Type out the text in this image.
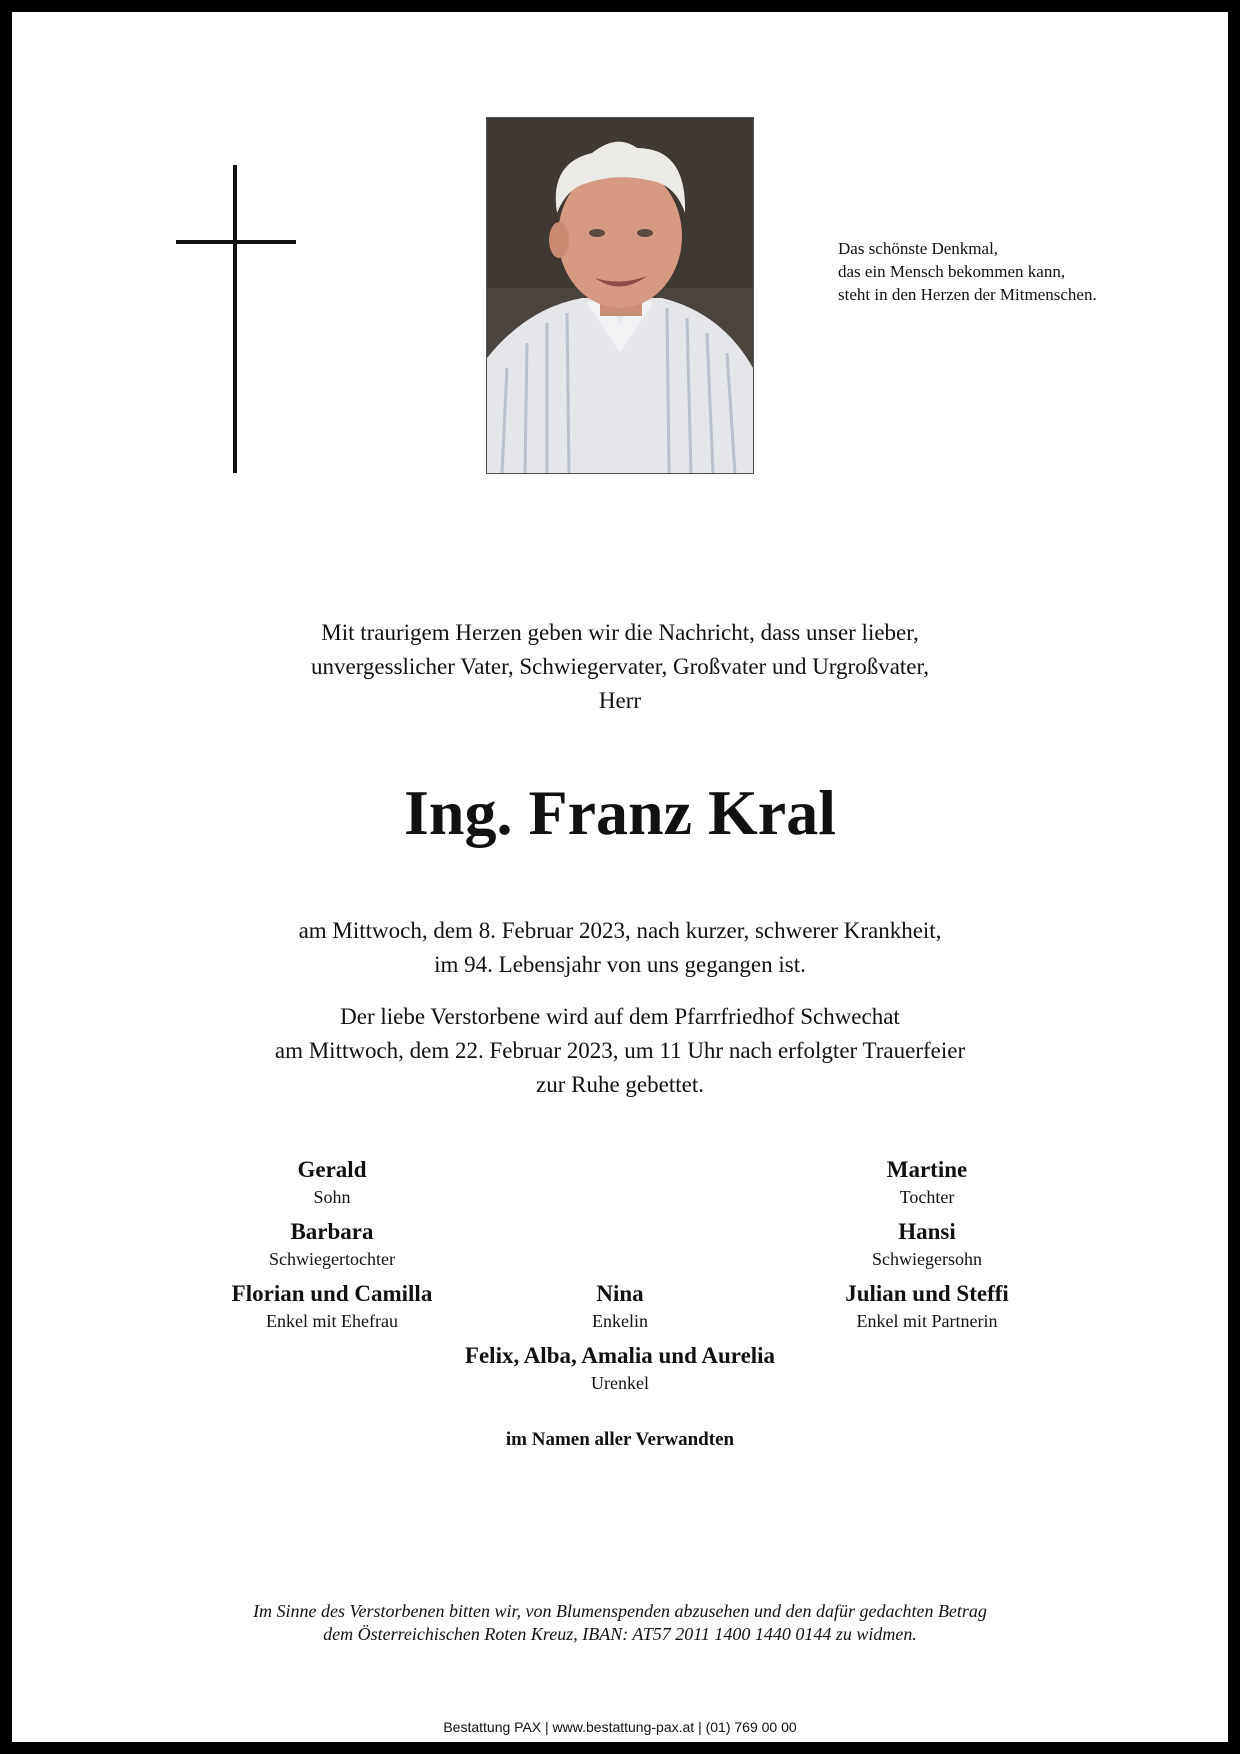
Das schönste Denkmal,
das ein Mensch bekommen kann,
steht in den Herzen der Mitmenschen.
Mit traurigem Herzen geben wir die Nachricht, dass unser lieber,
unvergesslicher Vater, Schwiegervater, Großvater und Urgroßvater,
Herr
Ing. Franz Kral
am Mittwoch, dem 8. Februar 2023, nach kurzer, schwerer Krankheit,
im 94. Lebensjahr von uns gegangen ist.
Der liebe Verstorbene wird auf dem Pfarrfriedhof Schwechat
am Mittwoch, dem 22. Februar 2023, um 11 Uhr nach erfolgter Trauerfeier
zur Ruhe gebettet.
Gerald
Sohn
Martine
Tochter
Barbara
Schwiegertochter
Hansi
Schwiegersohn
Florian und Camilla
Enkel mit Ehefrau
Nina
Enkelin
Julian und Steffi
Enkel mit Partnerin
Felix, Alba, Amalia und Aurelia
Urenkel
im Namen aller Verwandten
Im Sinne des Verstorbenen bitten wir, von Blumenspenden abzusehen und den dafür gedachten Betrag
dem Österreichischen Roten Kreuz, IBAN: AT57 2011 1400 1440 0144 zu widmen.
Bestattung PAX | www.bestattung-pax.at | (01) 769 00 00
